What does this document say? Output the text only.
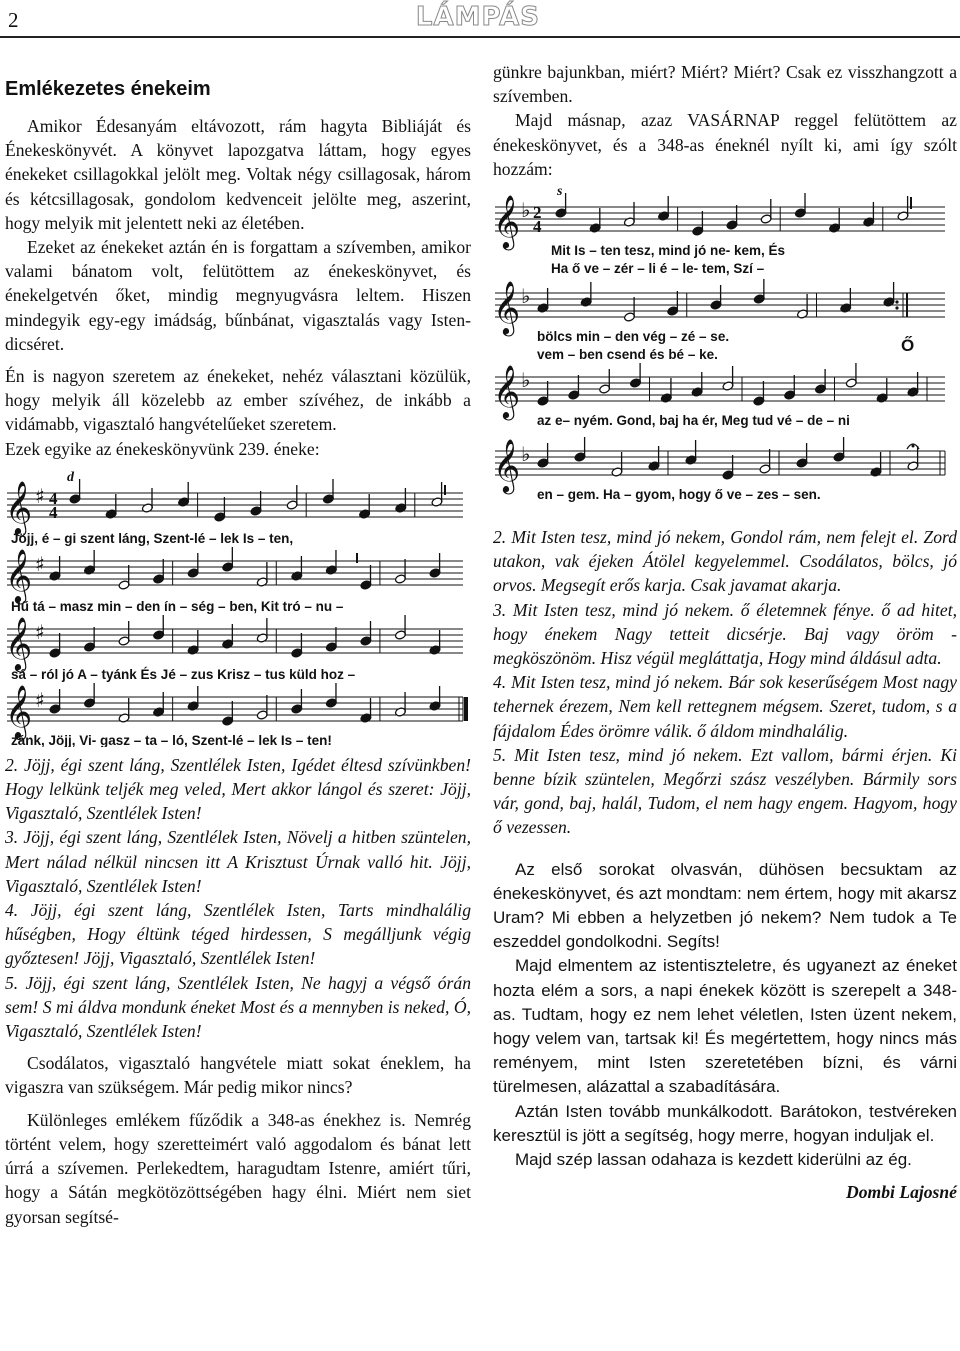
2	LÁMPÁS
Emlékezetes énekeim

Amikor Édesanyám eltávozott, rám hagyta Bibliáját és Énekeskönyvét. A könyvet lapozgatva láttam, hogy egyes énekeket csillagokkal jelölt meg. Voltak négy csillagosak, három és kétcsillagosak, gondolom kedvenceit jelölte meg, aszerint, hogy melyik mit jelentett neki az életében.

Ezeket az énekeket aztán én is forgattam a szívemben, amikor valami bánatom volt, felütöttem az énekeskönyvet, és énekelgetvén őket, mindig megnyugvásra leltem. Hiszen mindegyik egy-egy imádság, bűnbánat, vigasztalás vagy Isten-dicséret.

Én is nagyon szeretem az énekeket, nehéz választani közülük, hogy melyik áll közelebb az ember szívéhez, de inkább a vidámabb, vigasztaló hangvételűeket szeretem.

Ezek egyike az énekeskönyvünk 239. éneke:

d
𝄞
𝄞
𝄞
𝄞
♯
♯
♯
♯
4
4
Jöjj, é – gi szent láng, Szent-lé – lek Is – ten,
Hű tá – masz min – den ín – ség – ben, Kit tró – nu –
sá – ról jó A – tyánk És Jé – zus Krisz – tus küld hoz –
zánk, Jöjj, Vi- gasz – ta – ló, Szent-lé – lek Is – ten!

2. Jöjj, égi szent láng, Szentlélek Isten, Igédet éltesd szívünkben! Hogy lelkünk teljék meg veled, Mert akkor lángol és szeret: Jöjj, Vigasztaló, Szentlélek Isten!

3. Jöjj, égi szent láng, Szentlélek Isten, Növelj a hitben szüntelen, Mert nálad nélkül nincsen itt A Krisztust Úrnak valló hit. Jöjj, Vigasztaló, Szentlélek Isten!

4. Jöjj, égi szent láng, Szentlélek Isten, Tarts mindhalálig hűségben, Hogy éltünk téged hirdessen, S megálljunk végig győztesen! Jöjj, Vigasztaló, Szentlélek Isten!

5. Jöjj, égi szent láng, Szentlélek Isten, Ne hagyj a végső órán sem! S mi áldva mondunk éneket Most és a mennyben is neked, Ó, Vigasztaló, Szentlélek Isten!

Csodálatos, vigasztaló hangvétele miatt sokat éneklem, ha vigaszra van szükségem. Már pedig mikor nincs?

Különleges emlékem fűződik a 348-as énekhez is. Nemrég történt velem, hogy szeretteimért való aggodalom és bánat lett úrrá a szívemen. Perlekedtem, haragudtam Istenre, amiért tűri, hogy a Sátán megkötözöttségében hagy élni. Miért nem siet gyorsan segítsé-

günkre bajunkban, miért? Miért? Miért? Csak ez visszhangzott a szívemben.

Majd másnap, azaz VASÁRNAP reggel felütöttem az énekeskönyvet, és a 348-as éneknél nyílt ki, ami így szólt hozzám:

s
𝄞
𝄞
𝄞
𝄞
♭
♭
♭
♭
2
4
Mit Is – ten tesz, mind jó ne- kem, És
Ha ő ve – zér – li é – le- tem, Szí –
bölcs min – den vég – zé – se.
vem – ben csend és bé – ke.	Ő
az e– nyém. Gond, baj ha ér, Meg tud vé – de – ni
en – gem. Ha – gyom, hogy ő ve – zes – sen.

2. Mit Isten tesz, mind jó nekem, Gondol rám, nem felejt el. Zord utakon, vak éjeken Átölel kegyelemmel. Csodálatos, bölcs, jó orvos. Megsegít erős karja. Csak javamat akarja.

3. Mit Isten tesz, mind jó nekem. ő életemnek fénye. ő ad hitet, hogy énekem Nagy tetteit dicsérje. Baj vagy öröm - megköszönöm. Hisz végül megláttatja, Hogy mind áldásul adta.

4. Mit Isten tesz, mind jó nekem. Bár sok keserűségem Most nagy tehernek érezem, Nem kell rettegnem mégsem. Szeret, tudom, s a fájdalom Édes örömre válik. ő áldom mindhalálig.

5. Mit Isten tesz, mind jó nekem. Ezt vallom, bármi érjen. Ki benne bízik szüntelen, Megőrzi szász veszélyben. Bármily sors vár, gond, baj, halál, Tudom, el nem hagy engem. Hagyom, hogy ő vezessen.

Az első sorokat olvasván, dühösen becsuktam az énekeskönyvet, és azt mondtam: nem értem, hogy mit akarsz Uram? Mi ebben a helyzetben jó nekem? Nem tudok a Te eszeddel gondolkodni. Segíts!

Majd elmentem az istentiszteletre, és ugyanezt az éneket hozta elém a sors, a napi énekek között is szerepelt a 348-as. Tudtam, hogy ez nem lehet véletlen, Isten üzent nekem, hogy velem van, tartsak ki! És megértettem, hogy nincs más reményem, mint Isten szeretetében bízni, és várni türelmesen, alázattal a szabadítására.

Aztán Isten tovább munkálkodott. Barátokon, testvéreken keresztül is jött a segítség, hogy merre, hogyan induljak el.

Majd szép lassan odahaza is kezdett kiderülni az ég.

Dombi Lajosné
